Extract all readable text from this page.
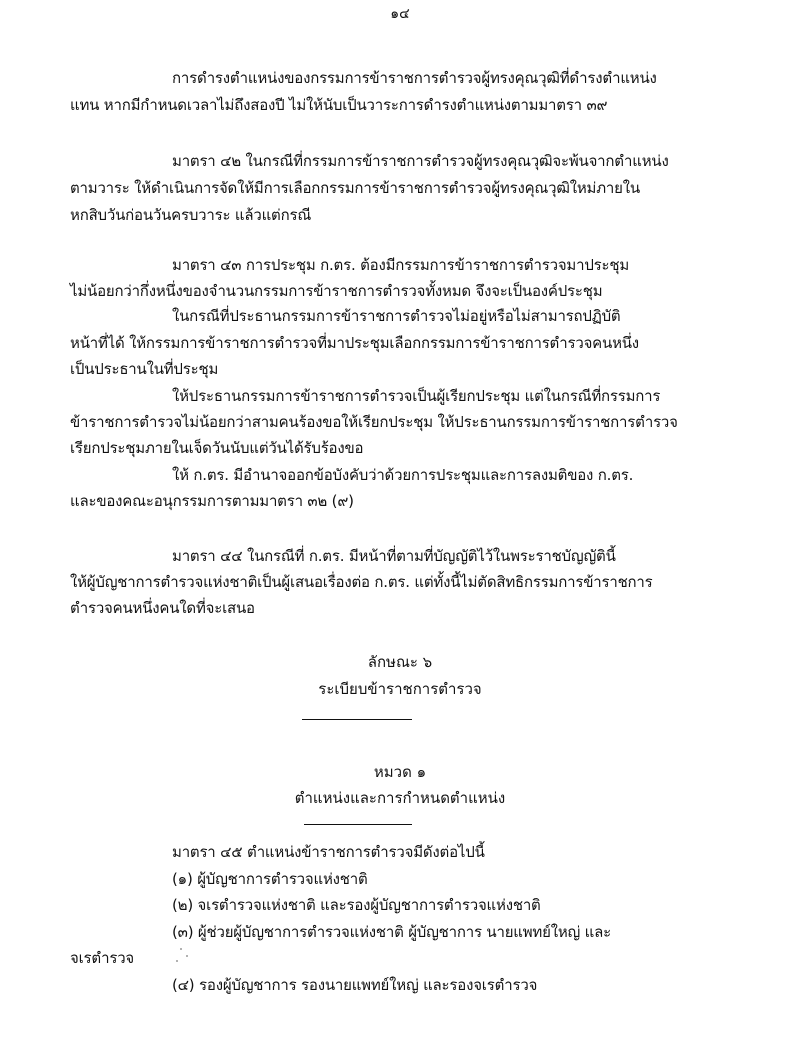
๑๔
การดำรงตำแหน่งของกรรมการข้าราชการตำรวจผู้ทรงคุณวุฒิที่ดำรงตำแหน่ง
แทน หากมีกำหนดเวลาไม่ถึงสองปี ไม่ให้นับเป็นวาระการดำรงตำแหน่งตามมาตรา ๓๙
มาตรา ๔๒ ในกรณีที่กรรมการข้าราชการตำรวจผู้ทรงคุณวุฒิจะพ้นจากตำแหน่ง
ตามวาระ ให้ดำเนินการจัดให้มีการเลือกกรรมการข้าราชการตำรวจผู้ทรงคุณวุฒิใหม่ภายใน
หกสิบวันก่อนวันครบวาระ แล้วแต่กรณี
มาตรา ๔๓ การประชุม ก.ตร. ต้องมีกรรมการข้าราชการตำรวจมาประชุม
ไม่น้อยกว่ากึ่งหนึ่งของจำนวนกรรมการข้าราชการตำรวจทั้งหมด จึงจะเป็นองค์ประชุม
ในกรณีที่ประธานกรรมการข้าราชการตำรวจไม่อยู่หรือไม่สามารถปฏิบัติ
หน้าที่ได้ ให้กรรมการข้าราชการตำรวจที่มาประชุมเลือกกรรมการข้าราชการตำรวจคนหนึ่ง
เป็นประธานในที่ประชุม
ให้ประธานกรรมการข้าราชการตำรวจเป็นผู้เรียกประชุม แต่ในกรณีที่กรรมการ
ข้าราชการตำรวจไม่น้อยกว่าสามคนร้องขอให้เรียกประชุม ให้ประธานกรรมการข้าราชการตำรวจ
เรียกประชุมภายในเจ็ดวันนับแต่วันได้รับร้องขอ
ให้ ก.ตร. มีอำนาจออกข้อบังคับว่าด้วยการประชุมและการลงมติของ ก.ตร.
และของคณะอนุกรรมการตามมาตรา ๓๒ (๙)
มาตรา ๔๔ ในกรณีที่ ก.ตร. มีหน้าที่ตามที่บัญญัติไว้ในพระราชบัญญัตินี้
ให้ผู้บัญชาการตำรวจแห่งชาติเป็นผู้เสนอเรื่องต่อ ก.ตร. แต่ทั้งนี้ไม่ตัดสิทธิกรรมการข้าราชการ
ตำรวจคนหนึ่งคนใดที่จะเสนอ
ลักษณะ ๖
ระเบียบข้าราชการตำรวจ
หมวด ๑
ตำแหน่งและการกำหนดตำแหน่ง
มาตรา ๔๕ ตำแหน่งข้าราชการตำรวจมีดังต่อไปนี้
(๑) ผู้บัญชาการตำรวจแห่งชาติ
(๒) จเรตำรวจแห่งชาติ และรองผู้บัญชาการตำรวจแห่งชาติ
(๓) ผู้ช่วยผู้บัญชาการตำรวจแห่งชาติ ผู้บัญชาการ นายแพทย์ใหญ่ และ
จเรตำรวจ
(๔) รองผู้บัญชาการ รองนายแพทย์ใหญ่ และรองจเรตำรวจ
